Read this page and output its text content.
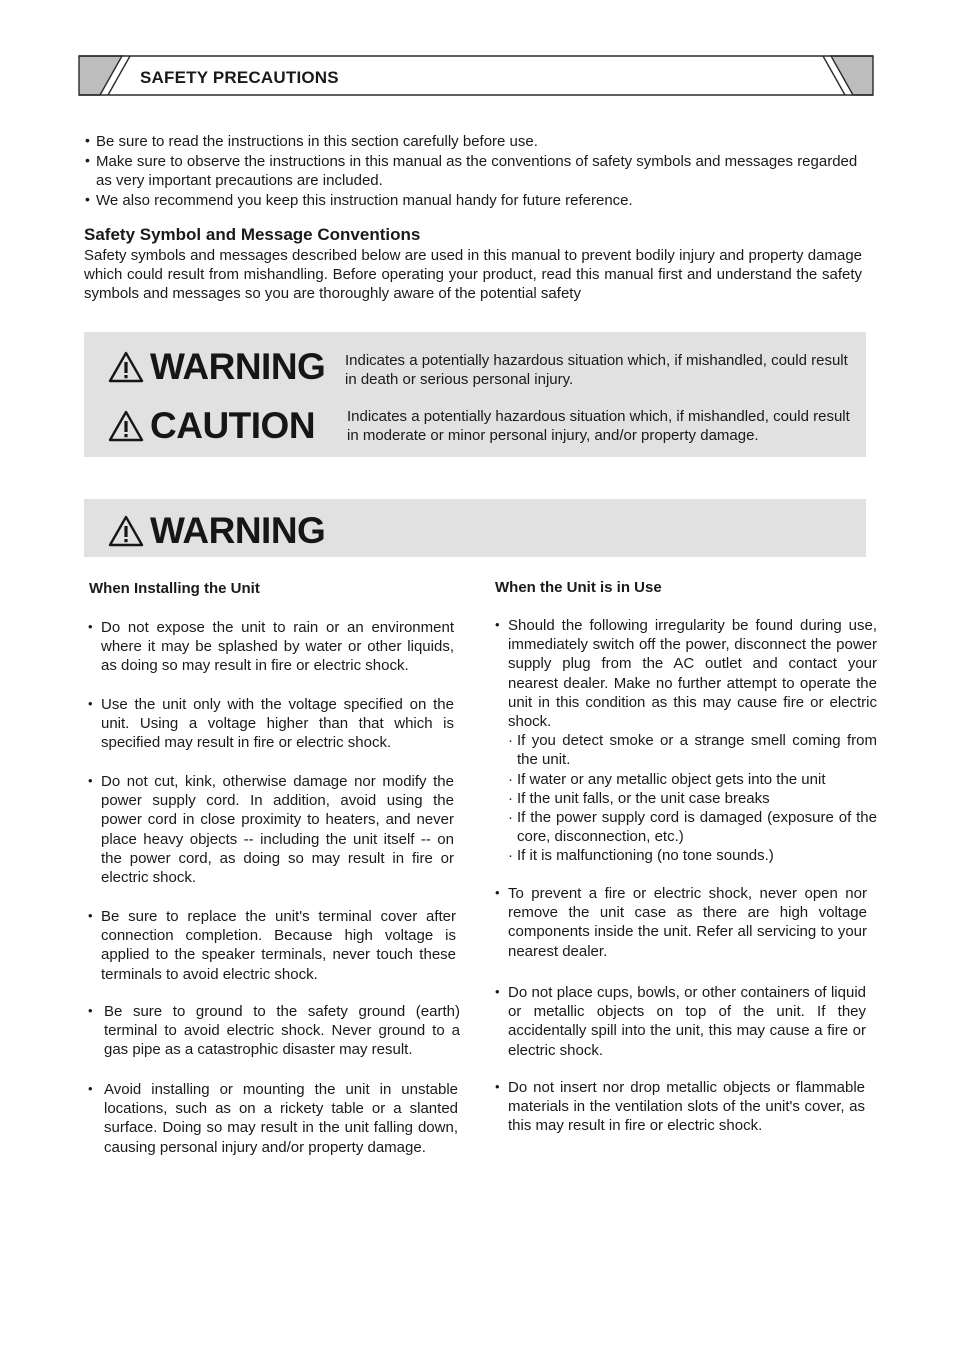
SAFETY PRECAUTIONS
• Be sure to read the instructions in this section carefully before use.
• Make sure to observe the instructions in this manual as the conventions of safety symbols and messages regarded as very important precautions are included.
• We also recommend you keep this instruction manual handy for future reference.
Safety Symbol and Message Conventions
Safety symbols and messages described below are used in this manual to prevent bodily injury and property damage which could result from mishandling. Before operating your product, read this manual first and understand the safety symbols and messages so you are thoroughly aware of the potential safety
WARNING Indicates a potentially hazardous situation which, if mishandled, could result in death or serious personal injury.
CAUTION Indicates a potentially hazardous situation which, if mishandled, could result in moderate or minor personal injury, and/or property damage.
WARNING
When Installing the Unit
• Do not expose the unit to rain or an environment where it may be splashed by water or other liquids, as doing so may result in fire or electric shock.
• Use the unit only with the voltage specified on the unit. Using a voltage higher than that which is specified may result in fire or electric shock.
• Do not cut, kink, otherwise damage nor modify the power supply cord. In addition, avoid using the power cord in close proximity to heaters, and never place heavy objects -- including the unit itself -- on the power cord, as doing so may result in fire or electric shock.
• Be sure to replace the unit's terminal cover after connection completion. Because high voltage is applied to the speaker terminals, never touch these terminals to avoid electric shock.
• Be sure to ground to the safety ground (earth) terminal to avoid electric shock. Never ground to a gas pipe as a catastrophic disaster may result.
• Avoid installing or mounting the unit in unstable locations, such as on a rickety table or a slanted surface. Doing so may result in the unit falling down, causing personal injury and/or property damage.
When the Unit is in Use
• Should the following irregularity be found during use, immediately switch off the power, disconnect the power supply plug from the AC outlet and contact your nearest dealer. Make no further attempt to operate the unit in this condition as this may cause fire or electric shock.
· If you detect smoke or a strange smell coming from the unit.
· If water or any metallic object gets into the unit
· If the unit falls, or the unit case breaks
· If the power supply cord is damaged (exposure of the core, disconnection, etc.)
· If it is malfunctioning (no tone sounds.)
• To prevent a fire or electric shock, never open nor remove the unit case as there are high voltage components inside the unit. Refer all servicing to your nearest dealer.
• Do not place cups, bowls, or other containers of liquid or metallic objects on top of the unit. If they accidentally spill into the unit, this may cause a fire or electric shock.
• Do not insert nor drop metallic objects or flammable materials in the ventilation slots of the unit's cover, as this may result in fire or electric shock.
